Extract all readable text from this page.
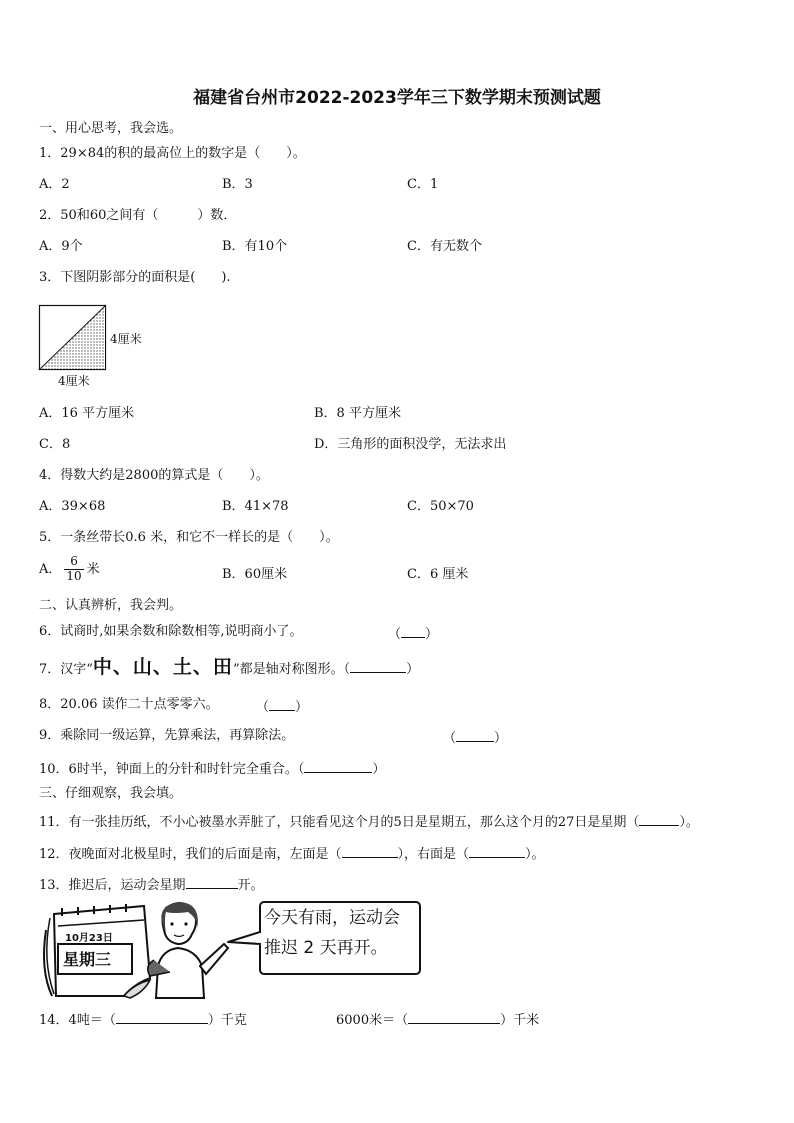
福建省台州市2022-2023学年三下数学期末预测试题
一、用心思考，我会选。
1．29×84的积的最高位上的数字是（　　）。
A．2	B．3	C．1
2．50和60之间有（　　　）数．
A．9个	B．有10个	C．有无数个
3．下图阴影部分的面积是(　　).
4厘米
4厘米
A．16 平方厘米	B．8 平方厘米
C．8	D．三角形的面积没学，无法求出
4．得数大约是2800的算式是（　　）。
A．39×68	B．41×78	C．50×70
5．一条丝带长0.6 米，和它不一样长的是（　　）。
A． $\frac{6}{10}$ 米	B．60厘米	C．6 厘米
二、认真辨析，我会判。
6．试商时,如果余数和除数相等,说明商小了。	（ ）
7．汉字“中、山、土、田”都是轴对称图形。（	）
8．20.06 读作二十点零零六。	（ ）
9．乘除同一级运算，先算乘法，再算除法。	（	）
10．6时半，钟面上的分针和时针完全重合。（	）
三、仔细观察，我会填。
11．有一张挂历纸，不小心被墨水弄脏了，只能看见这个月的5日是星期五，那么这个月的27日是星期（	）。
12．夜晚面对北极星时，我们的后面是南，左面是（	），右面是（	）。
13．推迟后，运动会星期	开。
10月23日
星期三
今天有雨，运动会
推迟 2 天再开。
14．4吨＝（	）千克	6000米＝（	）千米
